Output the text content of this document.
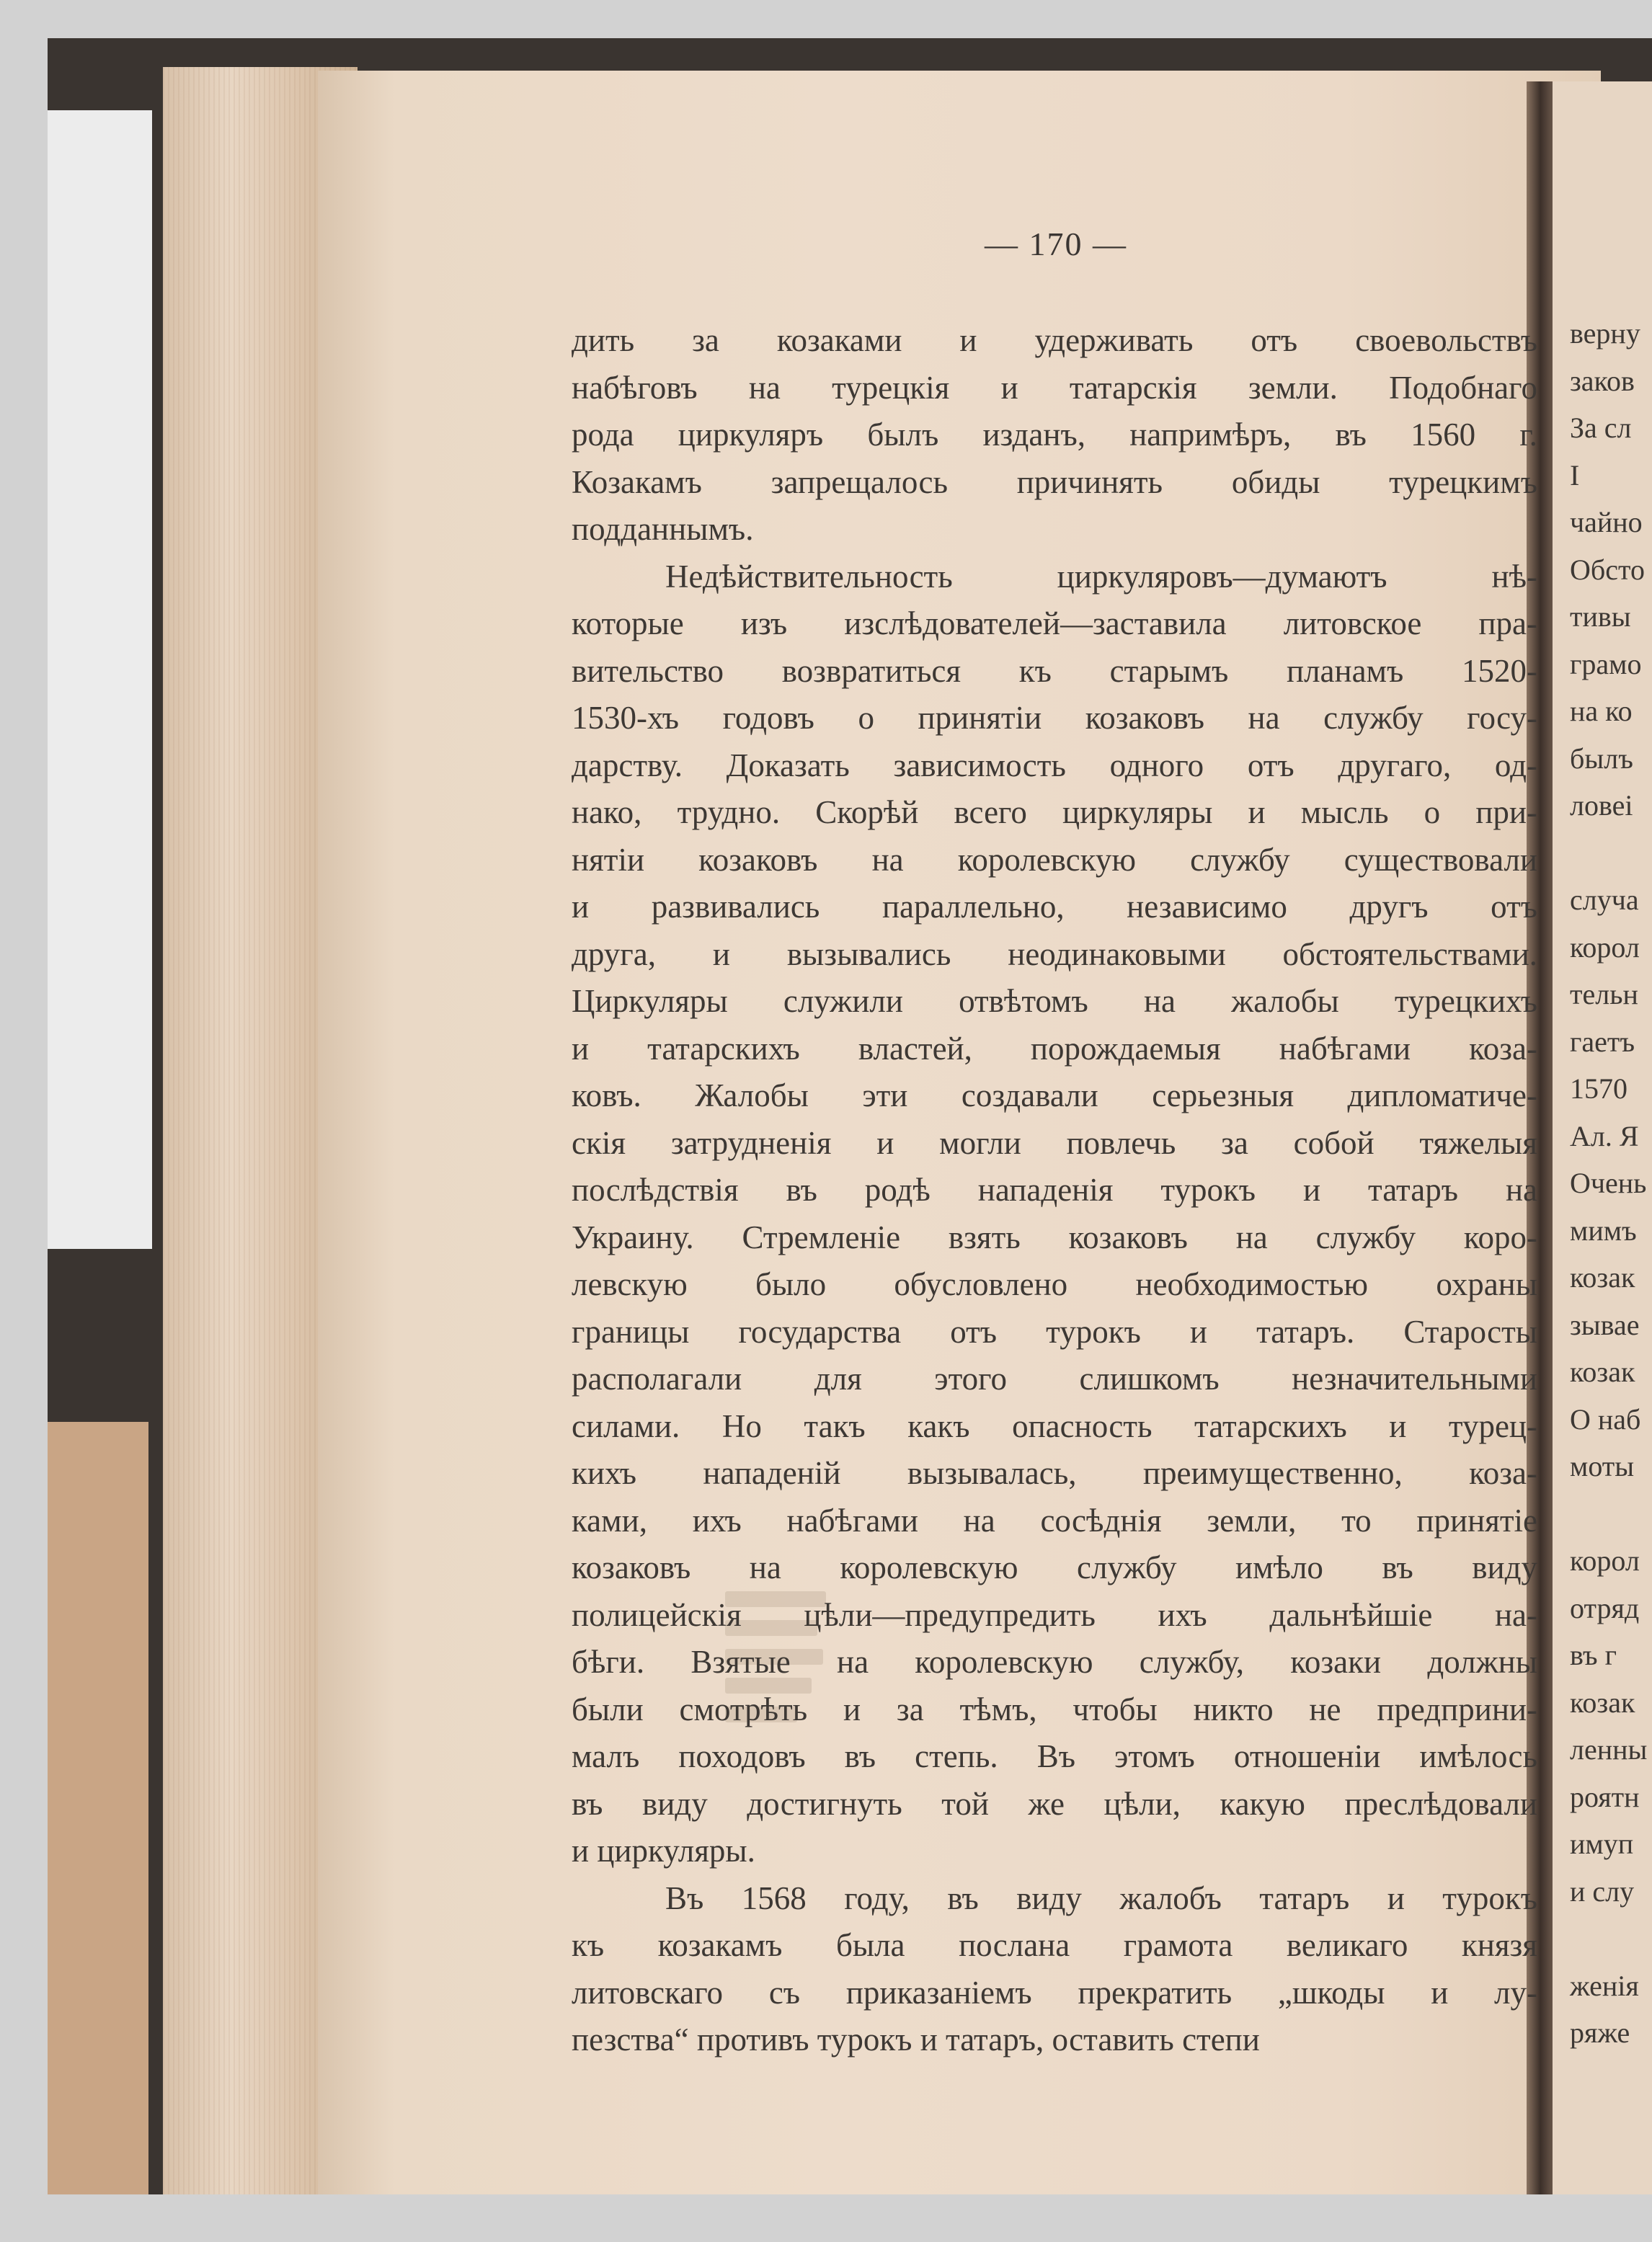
— 170 —
дить за козаками и удерживать отъ своевольствъ
набѣговъ на турецкія и татарскія земли. Подобнаго
рода циркуляръ былъ изданъ, напримѣръ, въ 1560 г.
Козакамъ запрещалось причинять обиды турецкимъ
подданнымъ.
Недѣйствительность циркуляровъ—думаютъ нѣ-
которые изъ изслѣдователей—заставила литовское пра-
вительство возвратиться къ старымъ планамъ 1520-
1530-хъ годовъ о принятіи козаковъ на службу госу-
дарству. Доказать зависимость одного отъ другаго, од-
нако, трудно. Скорѣй всего циркуляры и мысль о при-
нятіи козаковъ на королевскую службу существовали
и развивались параллельно, независимо другъ отъ
друга, и вызывались неодинаковыми обстоятельствами.
Циркуляры служили отвѣтомъ на жалобы турецкихъ
и татарскихъ властей, порождаемыя набѣгами коза-
ковъ. Жалобы эти создавали серьезныя дипломатиче-
скія затрудненія и могли повлечь за собой тяжелыя
послѣдствія въ родѣ нападенія турокъ и татаръ на
Украину. Стремленіе взять козаковъ на службу коро-
левскую было обусловлено необходимостью охраны
границы государства отъ турокъ и татаръ. Старосты
располагали для этого слишкомъ незначительными
силами. Но такъ какъ опасность татарскихъ и турец-
кихъ нападеній вызывалась, преимущественно, коза-
ками, ихъ набѣгами на сосѣднія земли, то принятіе
козаковъ на королевскую службу имѣло въ виду
полицейскія цѣли—предупредить ихъ дальнѣйшіе на-
бѣги. Взятые на королевскую службу, козаки должны
были смотрѣть и за тѣмъ, чтобы никто не предприни-
малъ походовъ въ степь. Въ этомъ отношеніи имѣлось
въ виду достигнуть той же цѣли, какую преслѣдовали
и циркуляры.
Въ 1568 году, въ виду жалобъ татаръ и турокъ
къ козакамъ была послана грамота великаго князя
литовскаго съ приказаніемъ прекратить „шкоды и лу-
пезства“ противъ турокъ и татаръ, оставить степи
верну
заков
За сл
I
чайно
Обсто
тивы
грамо
на ко
былъ
ловеі
случа
корол
тельн
гаетъ
1570
Ал. Я
Очень
мимъ
козак
зывае
козак
О наб
моты
корол
отряд
въ г
козак
ленны
роятн
имуп
и слу
женія
ряже
